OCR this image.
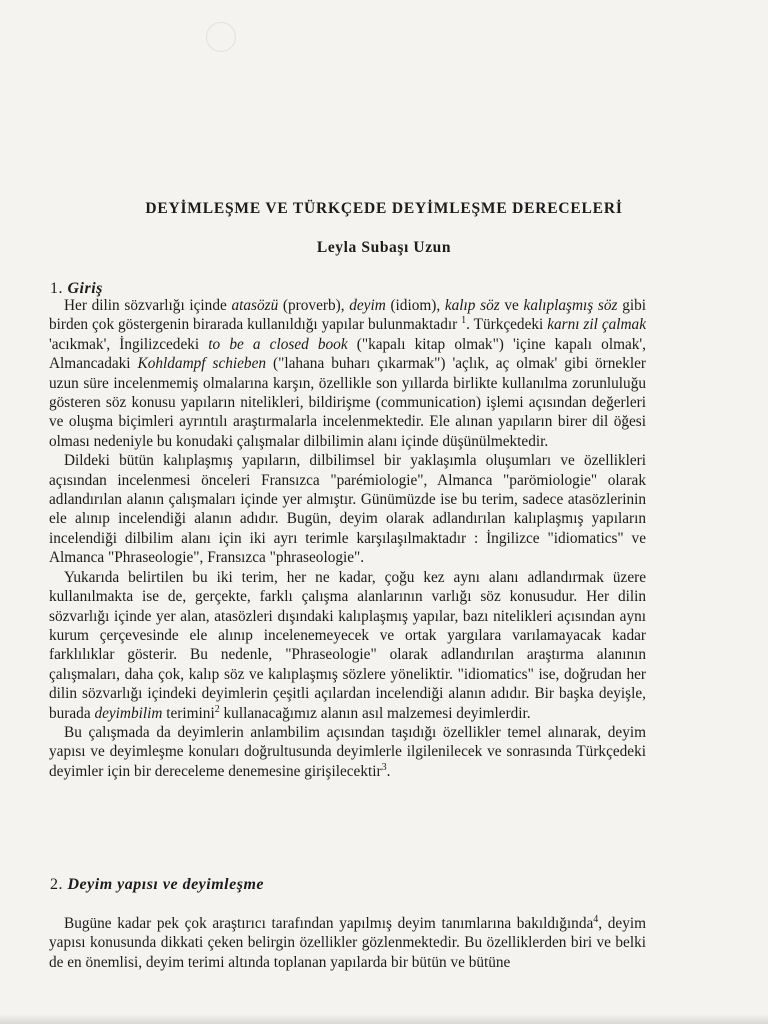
DEYİMLEŞME VE TÜRKÇEDE DEYİMLEŞME DERECELERİ
Leyla Subaşı Uzun
1. Giriş

Her dilin sözvarlığı içinde atasözü (proverb), deyim (idiom), kalıp söz ve kalıplaşmış söz gibi birden çok göstergenin birarada kullanıldığı yapılar bulunmaktadır $^1$. Türkçedeki karnı zil çalmak 'acıkmak', İngilizcedeki to be a closed book ("kapalı kitap olmak") 'içine kapalı olmak', Almancadaki Kohldampf schieben ("lahana buharı çıkarmak") 'açlık, aç olmak' gibi örnekler uzun süre incelenmemiş olmalarına karşın, özellikle son yıllarda birlikte kullanılma zorunluluğu gösteren söz konusu yapıların nitelikleri, bildirişme (communication) işlemi açısından değerleri ve oluşma biçimleri ayrıntılı araştırmalarla incelenmektedir. Ele alınan yapıların birer dil öğesi olması nedeniyle bu konudaki çalışmalar dilbilimin alanı içinde düşünülmektedir.

Dildeki bütün kalıplaşmış yapıların, dilbilimsel bir yaklaşımla oluşumları ve özellikleri açısından incelenmesi önceleri Fransızca "parémiologie", Almanca "parömiologie" olarak adlandırılan alanın çalışmaları içinde yer almıştır. Günümüzde ise bu terim, sadece atasözlerinin ele alınıp incelendiği alanın adıdır. Bugün, deyim olarak adlandırılan kalıplaşmış yapıların incelendiği dilbilim alanı için iki ayrı terimle karşılaşılmaktadır : İngilizce "idiomatics" ve Almanca "Phraseologie", Fransızca "phraseologie".

Yukarıda belirtilen bu iki terim, her ne kadar, çoğu kez aynı alanı adlandırmak üzere kullanılmakta ise de, gerçekte, farklı çalışma alanlarının varlığı söz konusudur. Her dilin sözvarlığı içinde yer alan, atasözleri dışındaki kalıplaşmış yapılar, bazı nitelikleri açısından aynı kurum çerçevesinde ele alınıp incelenemeyecek ve ortak yargılara varılamayacak kadar farklılıklar gösterir. Bu nedenle, "Phraseologie" olarak adlandırılan araştırma alanının çalışmaları, daha çok, kalıp söz ve kalıplaşmış sözlere yöneliktir. "idiomatics" ise, doğrudan her dilin sözvarlığı içindeki deyimlerin çeşitli açılardan incelendiği alanın adıdır. Bir başka deyişle, burada deyimbilim terimini$^2$ kullanacağımız alanın asıl malzemesi deyimlerdir.

Bu çalışmada da deyimlerin anlambilim açısından taşıdığı özellikler temel alınarak, deyim yapısı ve deyimleşme konuları doğrultusunda deyimlerle ilgilenilecek ve sonrasında Türkçedeki deyimler için bir dereceleme denemesine girişilecektir$^3$.

2. Deyim yapısı ve deyimleşme

Bugüne kadar pek çok araştırıcı tarafından yapılmış deyim tanımlarına bakıldığında$^4$, deyim yapısı konusunda dikkati çeken belirgin özellikler gözlenmektedir. Bu özelliklerden biri ve belki de en önemlisi, deyim terimi altında toplanan yapılarda bir bütün ve bütüne
